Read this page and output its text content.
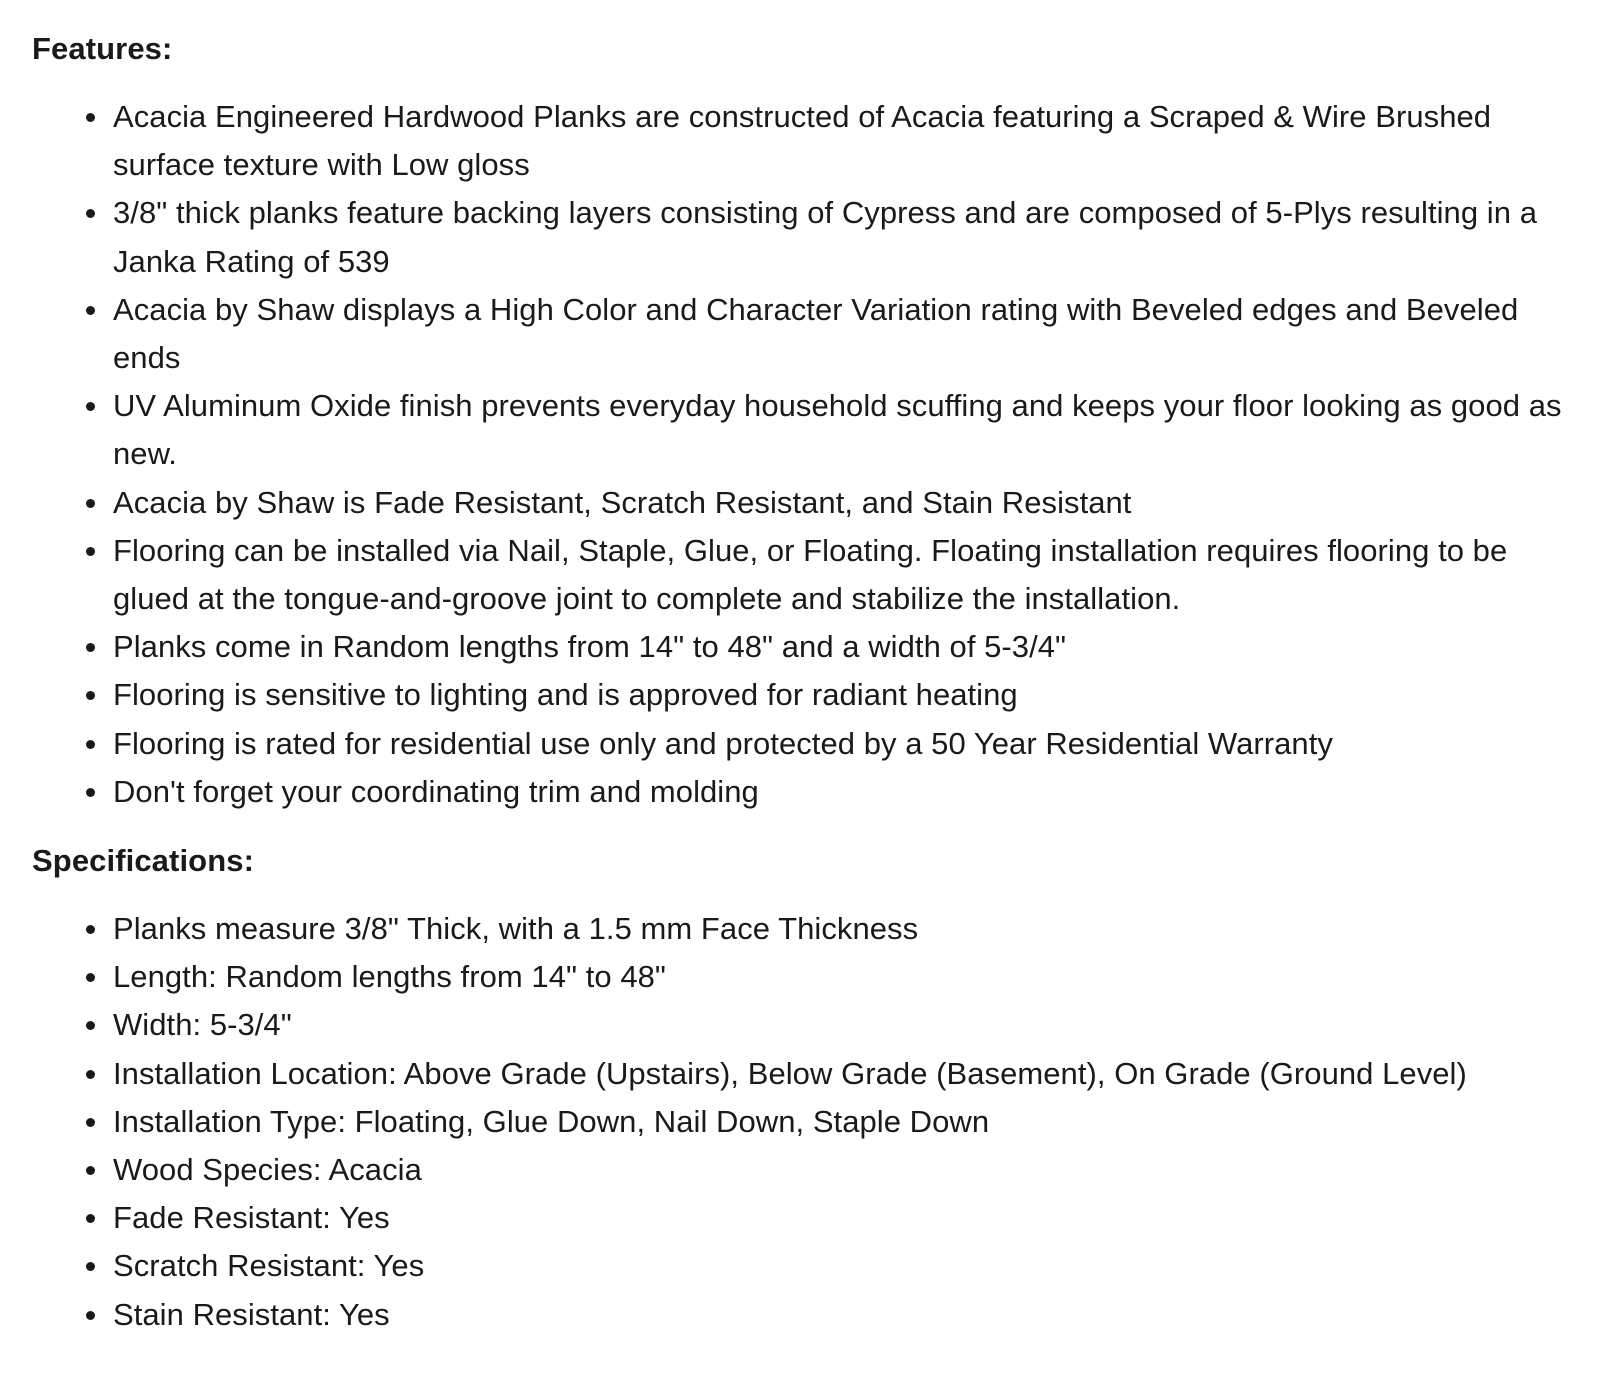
Features:
Acacia Engineered Hardwood Planks are constructed of Acacia featuring a Scraped & Wire Brushed surface texture with Low gloss
3/8" thick planks feature backing layers consisting of Cypress and are composed of 5-Plys resulting in a Janka Rating of 539
Acacia by Shaw displays a High Color and Character Variation rating with Beveled edges and Beveled ends
UV Aluminum Oxide finish prevents everyday household scuffing and keeps your floor looking as good as new.
Acacia by Shaw is Fade Resistant, Scratch Resistant, and Stain Resistant
Flooring can be installed via Nail, Staple, Glue, or Floating. Floating installation requires flooring to be glued at the tongue-and-groove joint to complete and stabilize the installation.
Planks come in Random lengths from 14" to 48" and a width of 5-3/4"
Flooring is sensitive to lighting and is approved for radiant heating
Flooring is rated for residential use only and protected by a 50 Year Residential Warranty
Don't forget your coordinating trim and molding
Specifications:
Planks measure 3/8" Thick, with a 1.5 mm Face Thickness
Length: Random lengths from 14" to 48"
Width: 5-3/4"
Installation Location: Above Grade (Upstairs), Below Grade (Basement), On Grade (Ground Level)
Installation Type: Floating, Glue Down, Nail Down, Staple Down
Wood Species: Acacia
Fade Resistant: Yes
Scratch Resistant: Yes
Stain Resistant: Yes
